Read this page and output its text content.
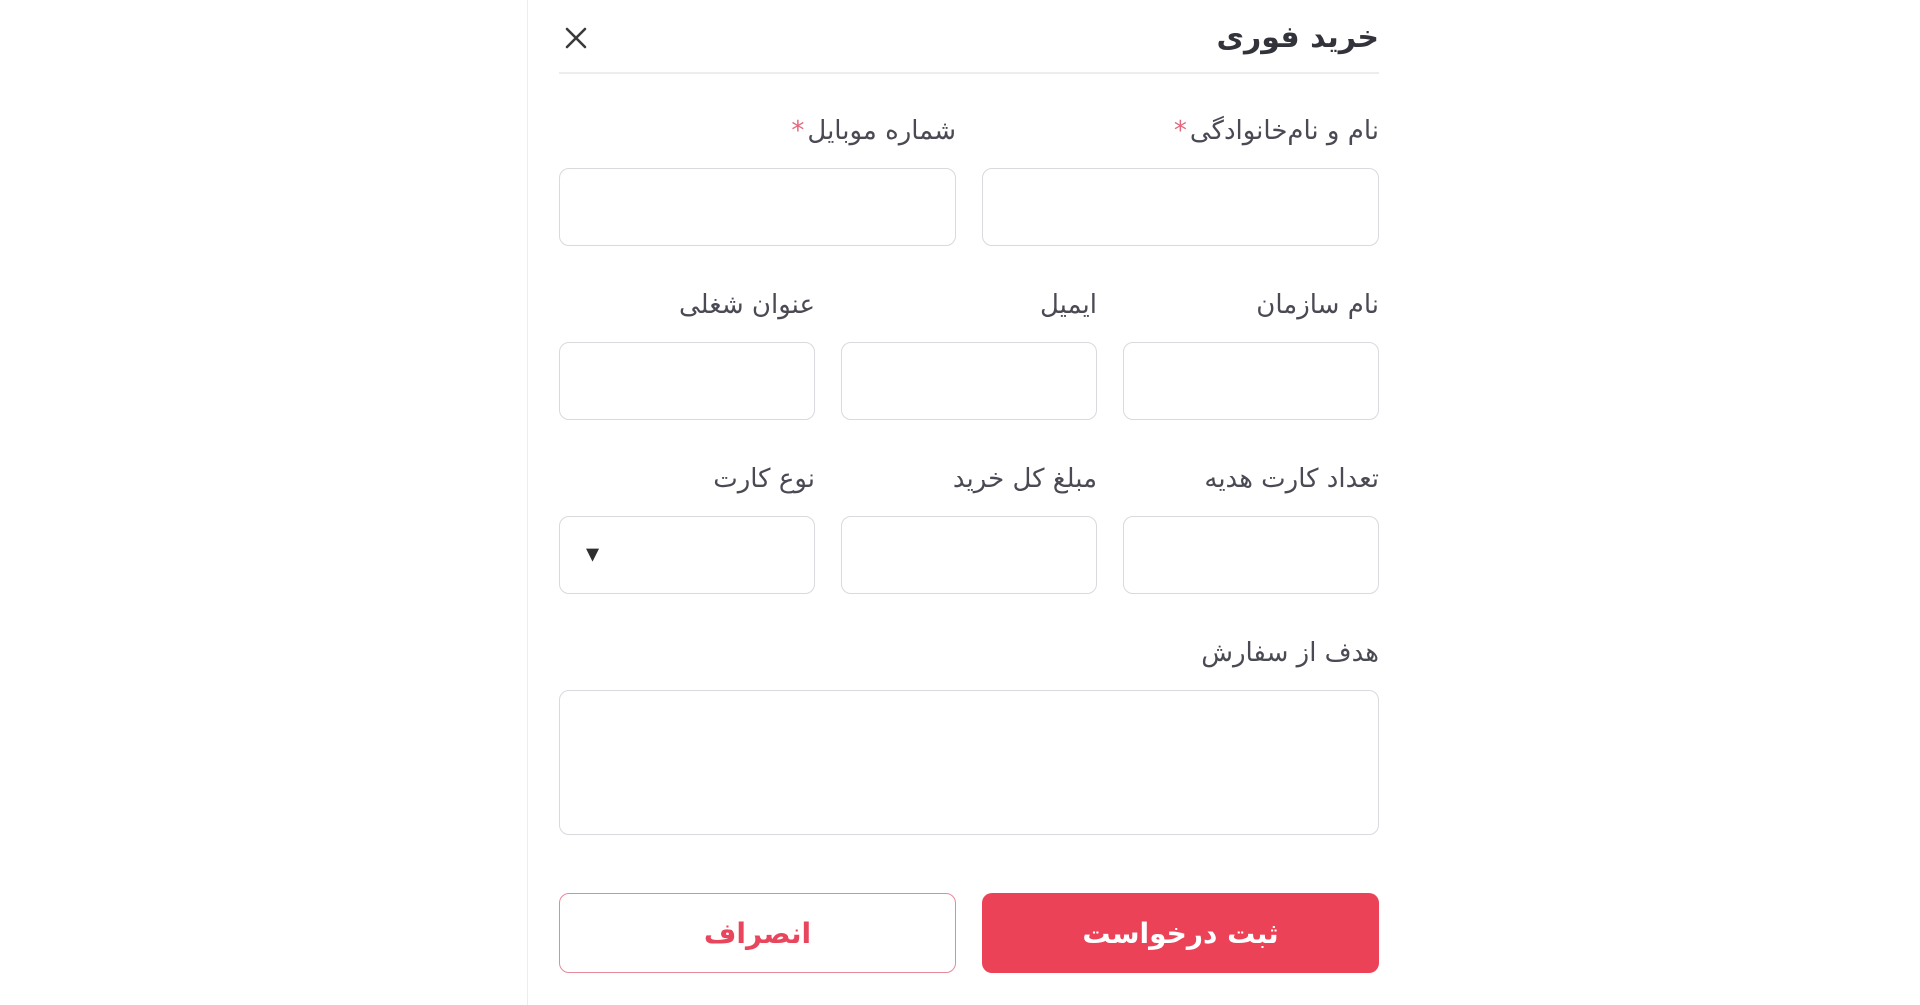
خرید فوری
نام و نام‌خانوادگی*
شماره موبایل*
نام سازمان
ایمیل
عنوان شغلی
تعداد کارت هدیه
مبلغ کل خرید
نوع کارت
▼
هدف از سفارش
ثبت درخواست
انصراف
